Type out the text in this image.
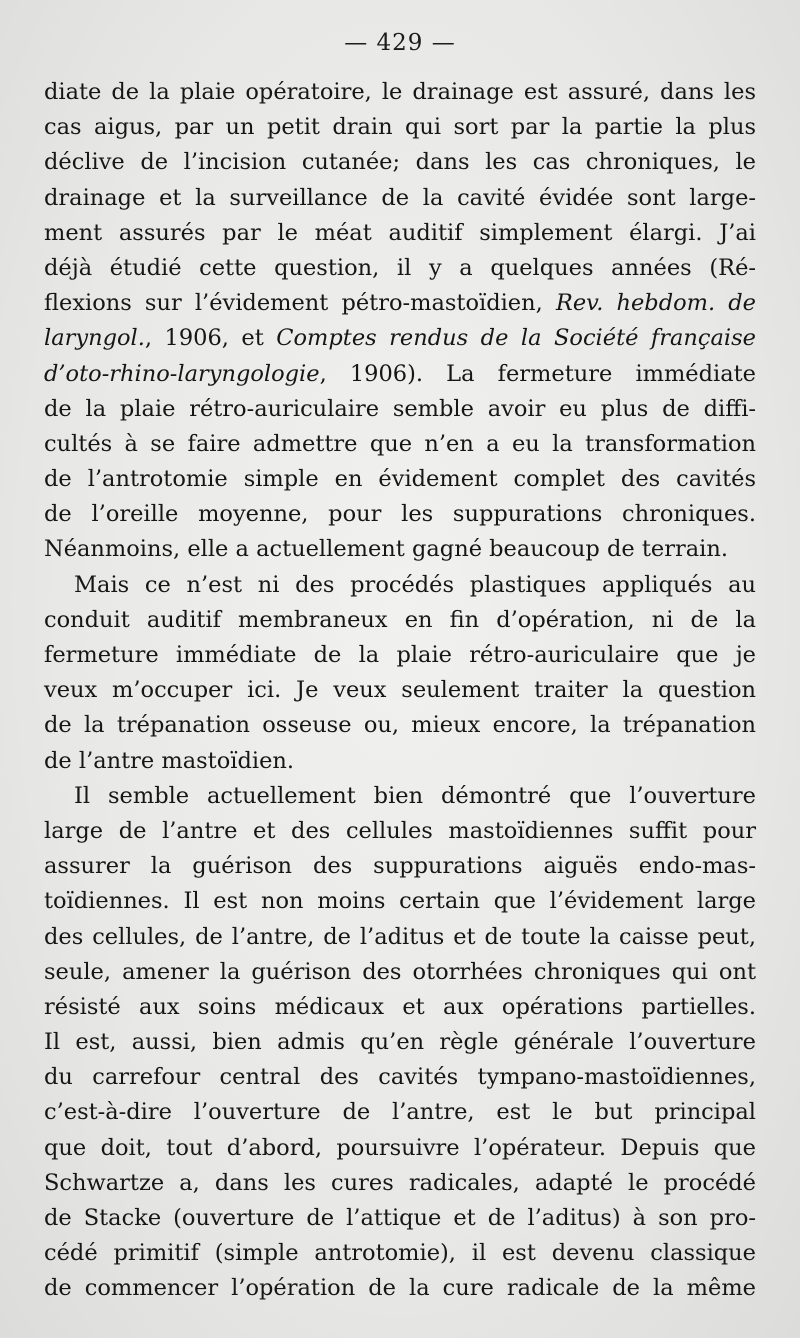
— 429 —
diate de la plaie opératoire, le drainage est assuré, dans les
cas aigus, par un petit drain qui sort par la partie la plus
déclive de l’incision cutanée; dans les cas chroniques, le
drainage et la surveillance de la cavité évidée sont large-
ment assurés par le méat auditif simplement élargi. J’ai
déjà étudié cette question, il y a quelques années (Ré-
flexions sur l’évidement pétro-mastoïdien, Rev. hebdom. de
laryngol., 1906, et Comptes rendus de la Société française
d’oto-rhino-laryngologie, 1906). La fermeture immédiate
de la plaie rétro-auriculaire semble avoir eu plus de diffi-
cultés à se faire admettre que n’en a eu la transformation
de l’antrotomie simple en évidement complet des cavités
de l’oreille moyenne, pour les suppurations chroniques.
Néanmoins, elle a actuellement gagné beaucoup de terrain.
Mais ce n’est ni des procédés plastiques appliqués au
conduit auditif membraneux en fin d’opération, ni de la
fermeture immédiate de la plaie rétro-auriculaire que je
veux m’occuper ici. Je veux seulement traiter la question
de la trépanation osseuse ou, mieux encore, la trépanation
de l’antre mastoïdien.
Il semble actuellement bien démontré que l’ouverture
large de l’antre et des cellules mastoïdiennes suffit pour
assurer la guérison des suppurations aiguës endo-mas-
toïdiennes. Il est non moins certain que l’évidement large
des cellules, de l’antre, de l’aditus et de toute la caisse peut,
seule, amener la guérison des otorrhées chroniques qui ont
résisté aux soins médicaux et aux opérations partielles.
Il est, aussi, bien admis qu’en règle générale l’ouverture
du carrefour central des cavités tympano-mastoïdiennes,
c’est-à-dire l’ouverture de l’antre, est le but principal
que doit, tout d’abord, poursuivre l’opérateur. Depuis que
Schwartze a, dans les cures radicales, adapté le procédé
de Stacke (ouverture de l’attique et de l’aditus) à son pro-
cédé primitif (simple antrotomie), il est devenu classique
de commencer l’opération de la cure radicale de la même
